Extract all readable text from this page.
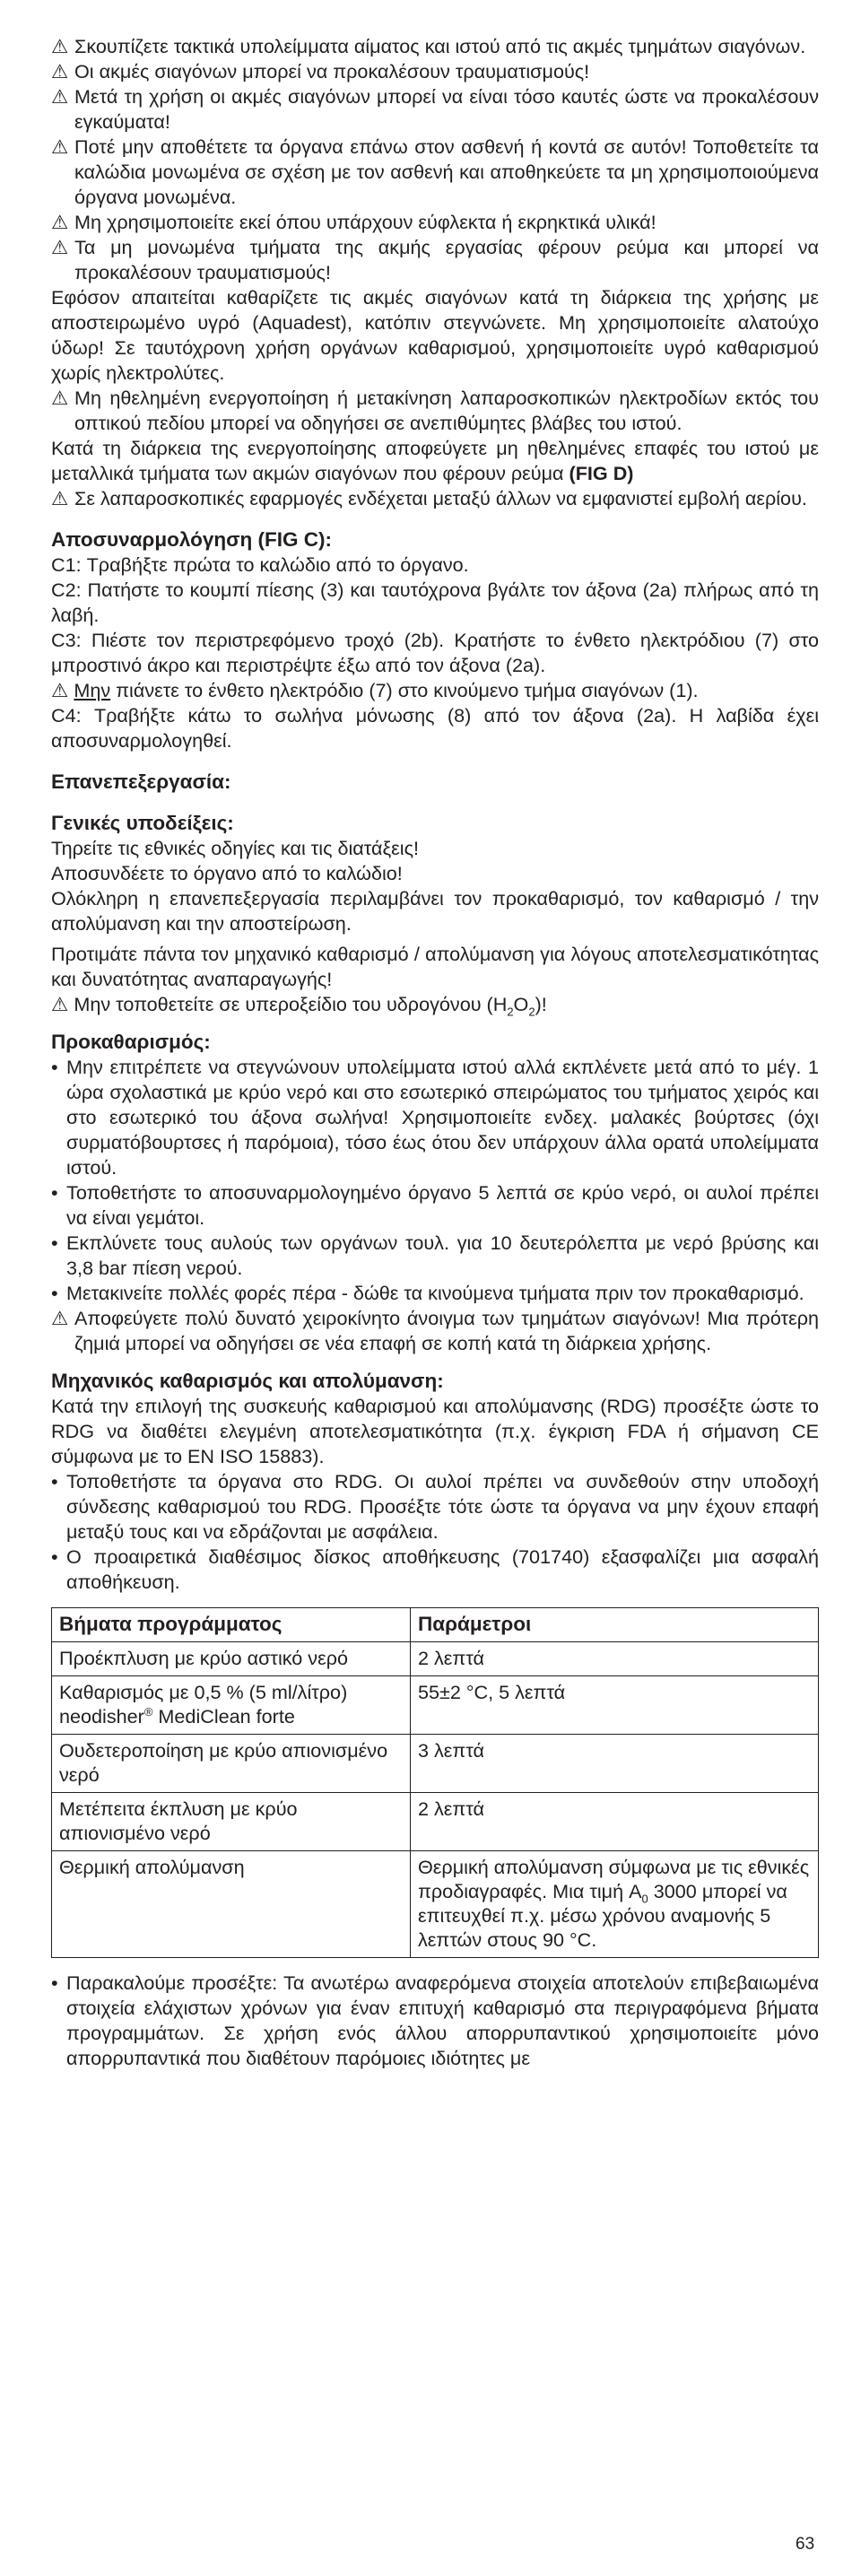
⚠ Σκουπίζετε τακτικά υπολείμματα αίματος και ιστού από τις ακμές τμημάτων σιαγόνων.

⚠ Οι ακμές σιαγόνων μπορεί να προκαλέσουν τραυματισμούς!

⚠ Μετά τη χρήση οι ακμές σιαγόνων μπορεί να είναι τόσο καυτές ώστε να προκαλέσουν εγκαύματα!

⚠ Ποτέ μην αποθέτετε τα όργανα επάνω στον ασθενή ή κοντά σε αυτόν! Τοποθετείτε τα καλώδια μονωμένα σε σχέση με τον ασθενή και αποθηκεύετε τα μη χρησιμοποιούμενα όργανα μονωμένα.

⚠ Μη χρησιμοποιείτε εκεί όπου υπάρχουν εύφλεκτα ή εκρηκτικά υλικά!

⚠ Τα μη μονωμένα τμήματα της ακμής εργασίας φέρουν ρεύμα και μπορεί να προκαλέσουν τραυματισμούς!

Εφόσον απαιτείται καθαρίζετε τις ακμές σιαγόνων κατά τη διάρκεια της χρήσης με αποστειρωμένο υγρό (Aquadest), κατόπιν στεγνώνετε. Μη χρησιμοποιείτε αλατούχο ύδωρ! Σε ταυτόχρονη χρήση οργάνων καθαρισμού, χρησιμοποιείτε υγρό καθαρισμού χωρίς ηλεκτρολύτες.

⚠ Μη ηθελημένη ενεργοποίηση ή μετακίνηση λαπαροσκοπικών ηλεκτροδίων εκτός του οπτικού πεδίου μπορεί να οδηγήσει σε ανεπιθύμητες βλάβες του ιστού.

Κατά τη διάρκεια της ενεργοποίησης αποφεύγετε μη ηθελημένες επαφές του ιστού με μεταλλικά τμήματα των ακμών σιαγόνων που φέρουν ρεύμα (FIG D)

⚠ Σε λαπαροσκοπικές εφαρμογές ενδέχεται μεταξύ άλλων να εμφανιστεί εμβολή αερίου.

Αποσυναρμολόγηση (FIG C):

C1: Τραβήξτε πρώτα το καλώδιο από το όργανο.

C2: Πατήστε το κουμπί πίεσης (3) και ταυτόχρονα βγάλτε τον άξονα (2a) πλήρως από τη λαβή.

C3: Πιέστε τον περιστρεφόμενο τροχό (2b). Κρατήστε το ένθετο ηλεκτρόδιου (7) στο μπροστινό άκρο και περιστρέψτε έξω από τον άξονα (2a).

⚠ Μην πιάνετε το ένθετο ηλεκτρόδιο (7) στο κινούμενο τμήμα σιαγόνων (1).

C4: Τραβήξτε κάτω το σωλήνα μόνωσης (8) από τον άξονα (2a). Η λαβίδα έχει αποσυναρμολογηθεί.

Επανεπεξεργασία:

Γενικές υποδείξεις:

Τηρείτε τις εθνικές οδηγίες και τις διατάξεις!

Αποσυνδέετε το όργανο από το καλώδιο!

Ολόκληρη η επανεπεξεργασία περιλαμβάνει τον προκαθαρισμό, τον καθαρισμό / την απολύμανση και την αποστείρωση.

Προτιμάτε πάντα τον μηχανικό καθαρισμό / απολύμανση για λόγους αποτελεσματικότητας και δυνατότητας αναπαραγωγής!

⚠ Μην τοποθετείτε σε υπεροξείδιο του υδρογόνου $(H_2O_2)$!

Προκαθαρισμός:

• Μην επιτρέπετε να στεγνώνουν υπολείμματα ιστού αλλά εκπλένετε μετά από το μέγ. 1 ώρα σχολαστικά με κρύο νερό και στο εσωτερικό σπειρώματος του τμήματος χειρός και στο εσωτερικό του άξονα σωλήνα! Χρησιμοποιείτε ενδεχ. μαλακές βούρτσες (όχι συρματόβουρτσες ή παρόμοια), τόσο έως ότου δεν υπάρχουν άλλα ορατά υπολείμματα ιστού.

• Τοποθετήστε το αποσυναρμολογημένο όργανο 5 λεπτά σε κρύο νερό, οι αυλοί πρέπει να είναι γεμάτοι.

• Εκπλύνετε τους αυλούς των οργάνων τουλ. για 10 δευτερόλεπτα με νερό βρύσης και 3,8 bar πίεση νερού.

• Μετακινείτε πολλές φορές πέρα - δώθε τα κινούμενα τμήματα πριν τον προκαθαρισμό.

⚠ Αποφεύγετε πολύ δυνατό χειροκίνητο άνοιγμα των τμημάτων σιαγόνων! Μια πρότερη ζημιά μπορεί να οδηγήσει σε νέα επαφή σε κοπή κατά τη διάρκεια χρήσης.

Μηχανικός καθαρισμός και απολύμανση:

Κατά την επιλογή της συσκευής καθαρισμού και απολύμανσης (RDG) προσέξτε ώστε το RDG να διαθέτει ελεγμένη αποτελεσματικότητα (π.χ. έγκριση FDA ή σήμανση CE σύμφωνα με το EN ISO 15883).

• Τοποθετήστε τα όργανα στο RDG. Οι αυλοί πρέπει να συνδεθούν στην υποδοχή σύνδεσης καθαρισμού του RDG. Προσέξτε τότε ώστε τα όργανα να μην έχουν επαφή μεταξύ τους και να εδράζονται με ασφάλεια.

• Ο προαιρετικά διαθέσιμος δίσκος αποθήκευσης (701740) εξασφαλίζει μια ασφαλή αποθήκευση.

Βήματα προγράμματος	Παράμετροι
Προέκπλυση με κρύο αστικό νερό	2 λεπτά
Καθαρισμός με 0,5 % (5 ml/λίτρο) neodisher® MediClean forte	55±2 °C, 5 λεπτά
Ουδετεροποίηση με κρύο απιονισμένο νερό	3 λεπτά
Μετέπειτα έκπλυση με κρύο απιονισμένο νερό	2 λεπτά
Θερμική απολύμανση	Θερμική απολύμανση σύμφωνα με τις εθνικές προδιαγραφές. Μια τιμή $A_0$ 3000 μπορεί να επιτευχθεί π.χ. μέσω χρόνου αναμονής 5 λεπτών στους 90 °C.

• Παρακαλούμε προσέξτε: Τα ανωτέρω αναφερόμενα στοιχεία αποτελούν επιβεβαιωμένα στοιχεία ελάχιστων χρόνων για έναν επιτυχή καθαρισμό στα περιγραφόμενα βήματα προγραμμάτων. Σε χρήση ενός άλλου απορρυπαντικού χρησιμοποιείτε μόνο απορρυπαντικά που διαθέτουν παρόμοιες ιδιότητες με

63
